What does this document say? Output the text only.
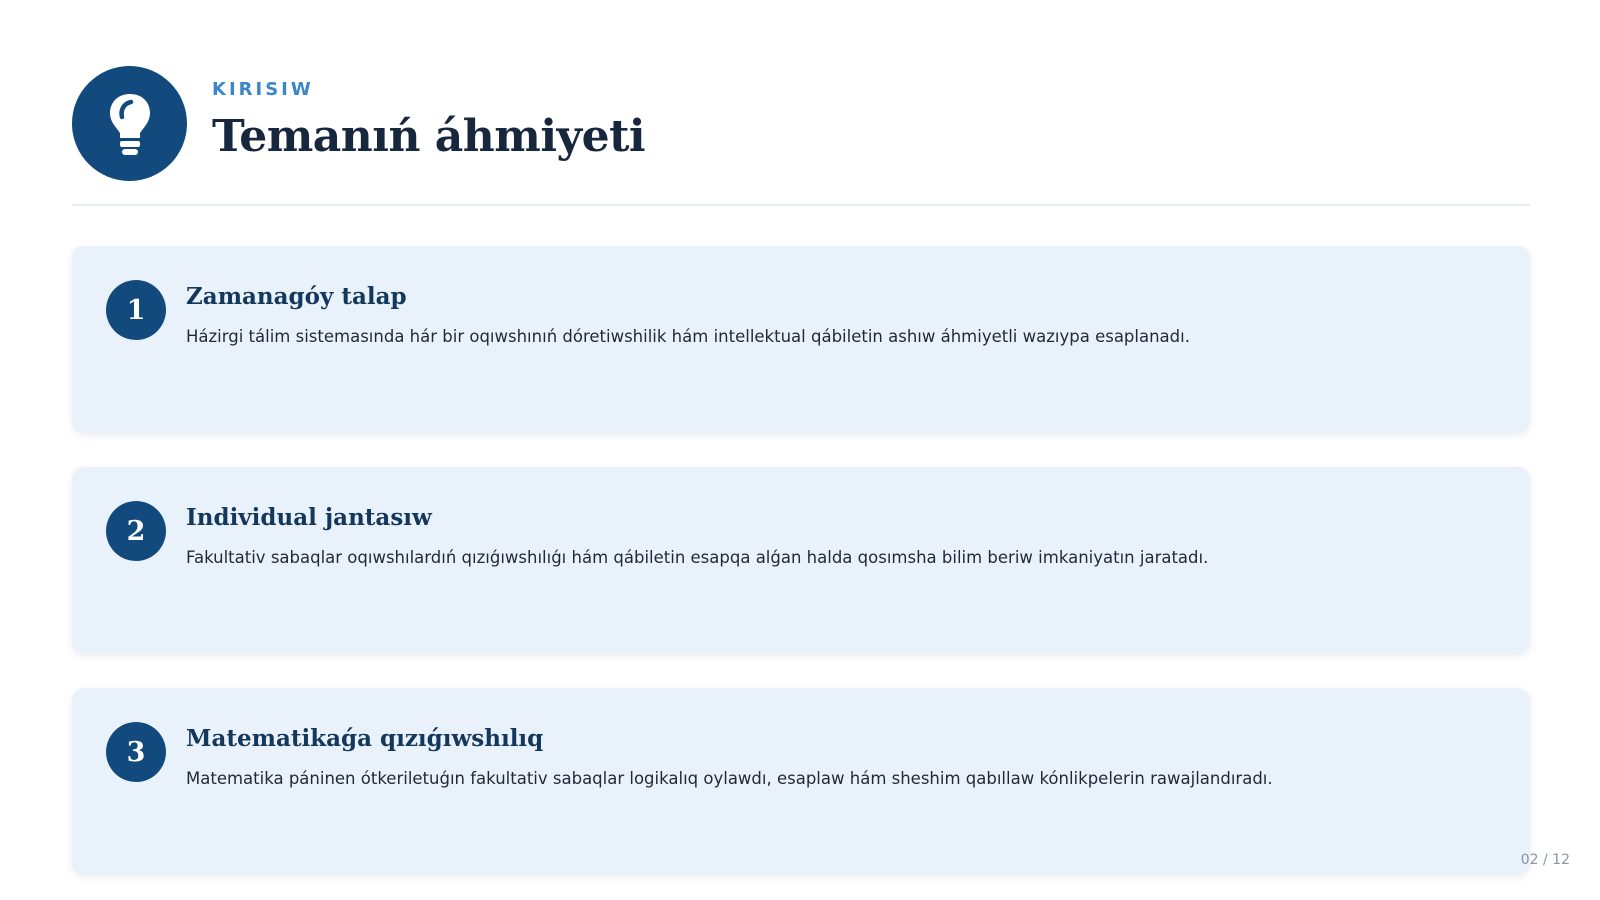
KIRISIW
Temanıń áhmiyeti
1	Zamanagóy talap
Házirgi tálim sistemasında hár bir oqıwshınıń dóretiwshilik hám intellektual qábiletin ashıw áhmiyetli wazıypa esaplanadı.
2	Individual jantasıw
Fakultativ sabaqlar oqıwshılardıń qızıǵıwshılıǵı hám qábiletin esapqa alǵan halda qosımsha bilim beriw imkaniyatın jaratadı.
3	Matematikaǵa qızıǵıwshılıq
Matematika páninen ótkeriletuǵın fakultativ sabaqlar logikalıq oylawdı, esaplaw hám sheshim qabıllaw kónlikpelerin rawajlandıradı.
02 / 12
